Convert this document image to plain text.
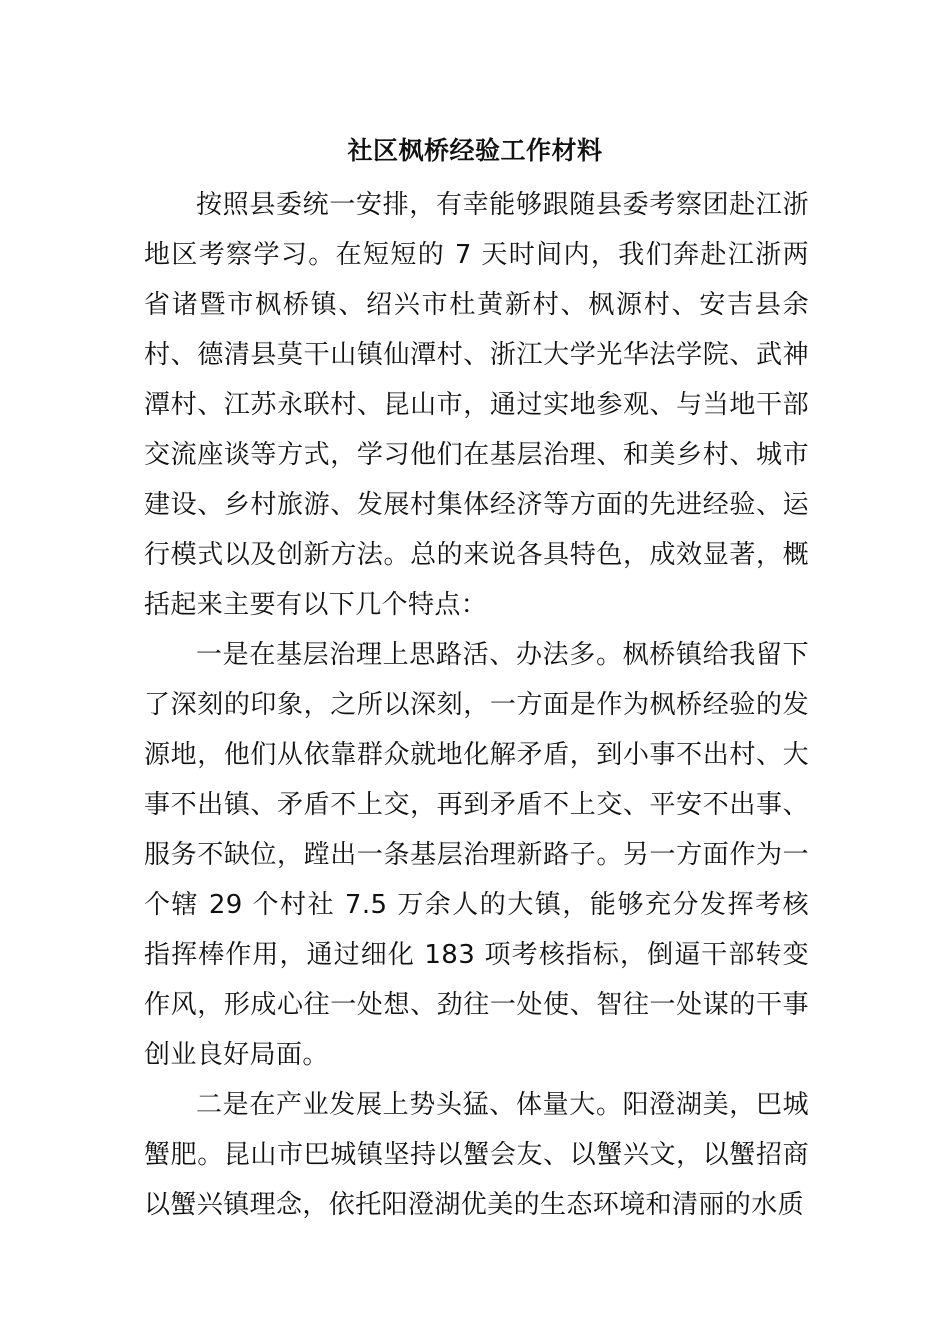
社区枫桥经验工作材料

按照县委统一安排，有幸能够跟随县委考察团赴江浙地区考察学习。在短短的 7 天时间内，我们奔赴江浙两省诸暨市枫桥镇、绍兴市杜黄新村、枫源村、安吉县余村、德清县莫干山镇仙潭村、浙江大学光华法学院、武神潭村、江苏永联村、昆山市，通过实地参观、与当地干部交流座谈等方式，学习他们在基层治理、和美乡村、城市建设、乡村旅游、发展村集体经济等方面的先进经验、运行模式以及创新方法。总的来说各具特色，成效显著，概括起来主要有以下几个特点：

一是在基层治理上思路活、办法多。枫桥镇给我留下了深刻的印象，之所以深刻，一方面是作为枫桥经验的发源地，他们从依靠群众就地化解矛盾，到小事不出村、大事不出镇、矛盾不上交，再到矛盾不上交、平安不出事、服务不缺位，蹚出一条基层治理新路子。另一方面作为一个辖 29 个村社 7.5 万余人的大镇，能够充分发挥考核指挥棒作用，通过细化 183 项考核指标，倒逼干部转变作风，形成心往一处想、劲往一处使、智往一处谋的干事创业良好局面。

二是在产业发展上势头猛、体量大。阳澄湖美，巴城蟹肥。昆山市巴城镇坚持以蟹会友、以蟹兴文，以蟹招商以蟹兴镇理念，依托阳澄湖优美的生态环境和清丽的水质
